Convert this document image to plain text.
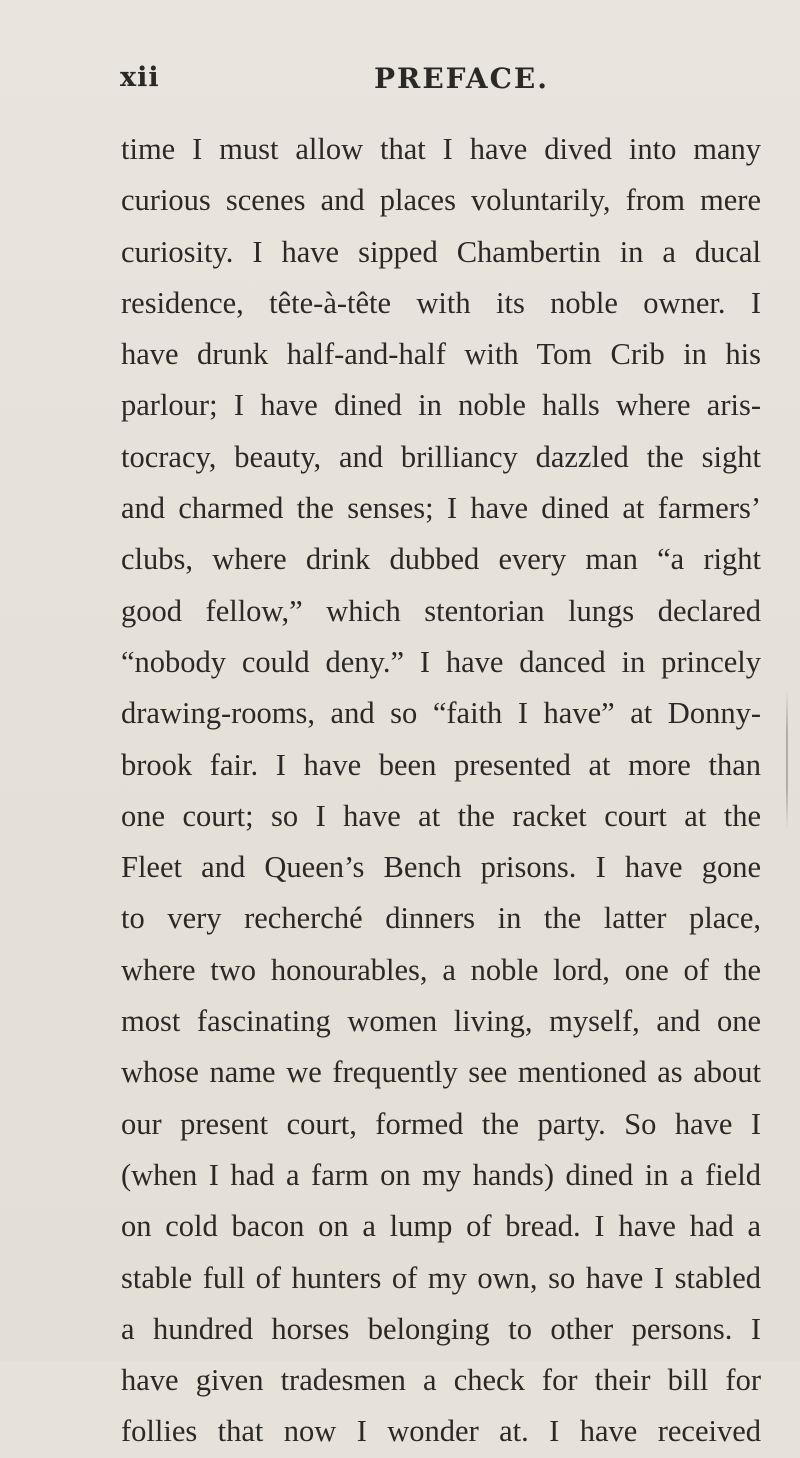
xii	PREFACE.
time I must allow that I have dived into many
curious scenes and places voluntarily, from mere
curiosity. I have sipped Chambertin in a ducal
residence, tête-à-tête with its noble owner. I
have drunk half-and-half with Tom Crib in his
parlour; I have dined in noble halls where aris-
tocracy, beauty, and brilliancy dazzled the sight
and charmed the senses; I have dined at farmers’
clubs, where drink dubbed every man “a right
good fellow,” which stentorian lungs declared
“nobody could deny.” I have danced in princely
drawing-rooms, and so “faith I have” at Donny-
brook fair. I have been presented at more than
one court; so I have at the racket court at the
Fleet and Queen’s Bench prisons. I have gone
to very recherché dinners in the latter place,
where two honourables, a noble lord, one of the
most fascinating women living, myself, and one
whose name we frequently see mentioned as about
our present court, formed the party. So have I
(when I had a farm on my hands) dined in a field
on cold bacon on a lump of bread. I have had a
stable full of hunters of my own, so have I stabled
a hundred horses belonging to other persons. I
have given tradesmen a check for their bill for
follies that now I wonder at. I have received
